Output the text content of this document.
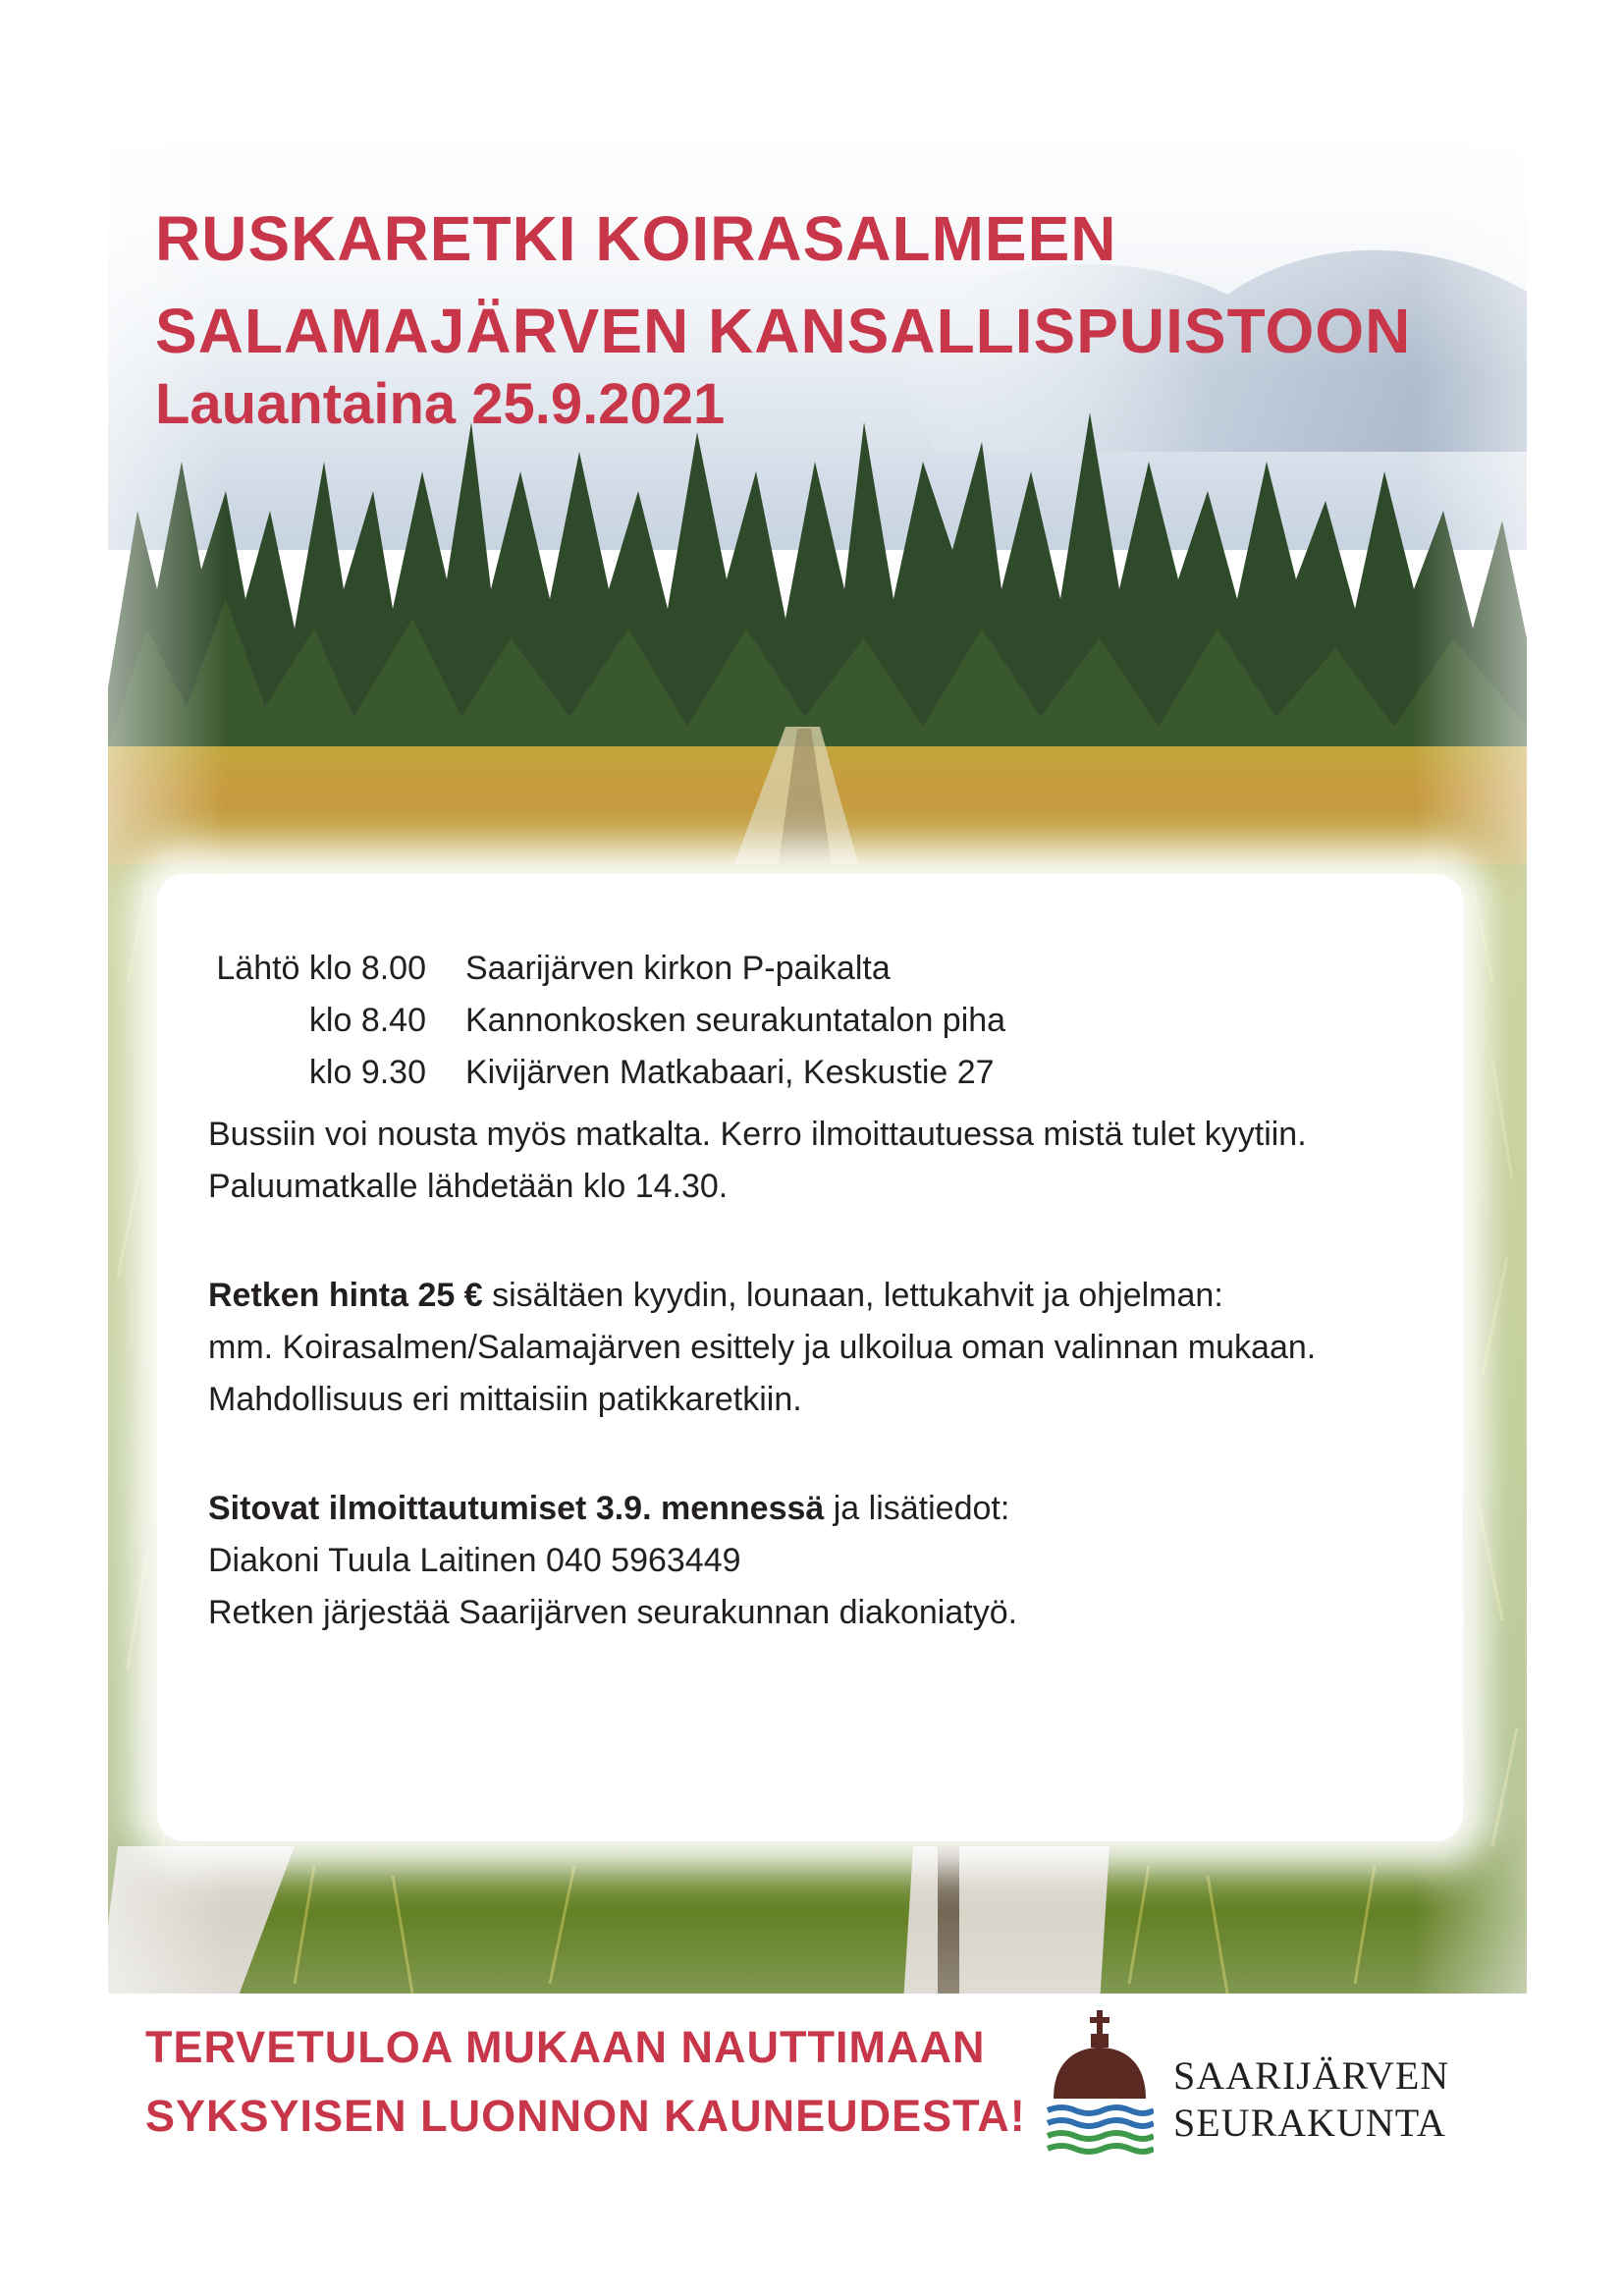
RUSKARETKI KOIRASALMEEN
SALAMAJÄRVEN KANSALLISPUISTOON

Lauantaina 25.9.2021

Lähtö klo 8.00	Saarijärven kirkon P-paikalta
klo 8.40	Kannonkosken seurakuntatalon piha
klo 9.30	Kivijärven Matkabaari, Keskustie 27

Bussiin voi nousta myös matkalta. Kerro ilmoittautuessa mistä tulet kyytiin.
Paluumatkalle lähdetään klo 14.30.

Retken hinta 25 € sisältäen kyydin, lounaan, lettukahvit ja ohjelman:
mm. Koirasalmen/Salamajärven esittely ja ulkoilua oman valinnan mukaan.
Mahdollisuus eri mittaisiin patikkaretkiin.

Sitovat ilmoittautumiset 3.9. mennessä ja lisätiedot:
Diakoni Tuula Laitinen 040 5963449
Retken järjestää Saarijärven seurakunnan diakoniatyö.

TERVETULOA MUKAAN NAUTTIMAAN
SYKSYISEN LUONNON KAUNEUDESTA!

SAARIJÄRVEN
SEURAKUNTA
